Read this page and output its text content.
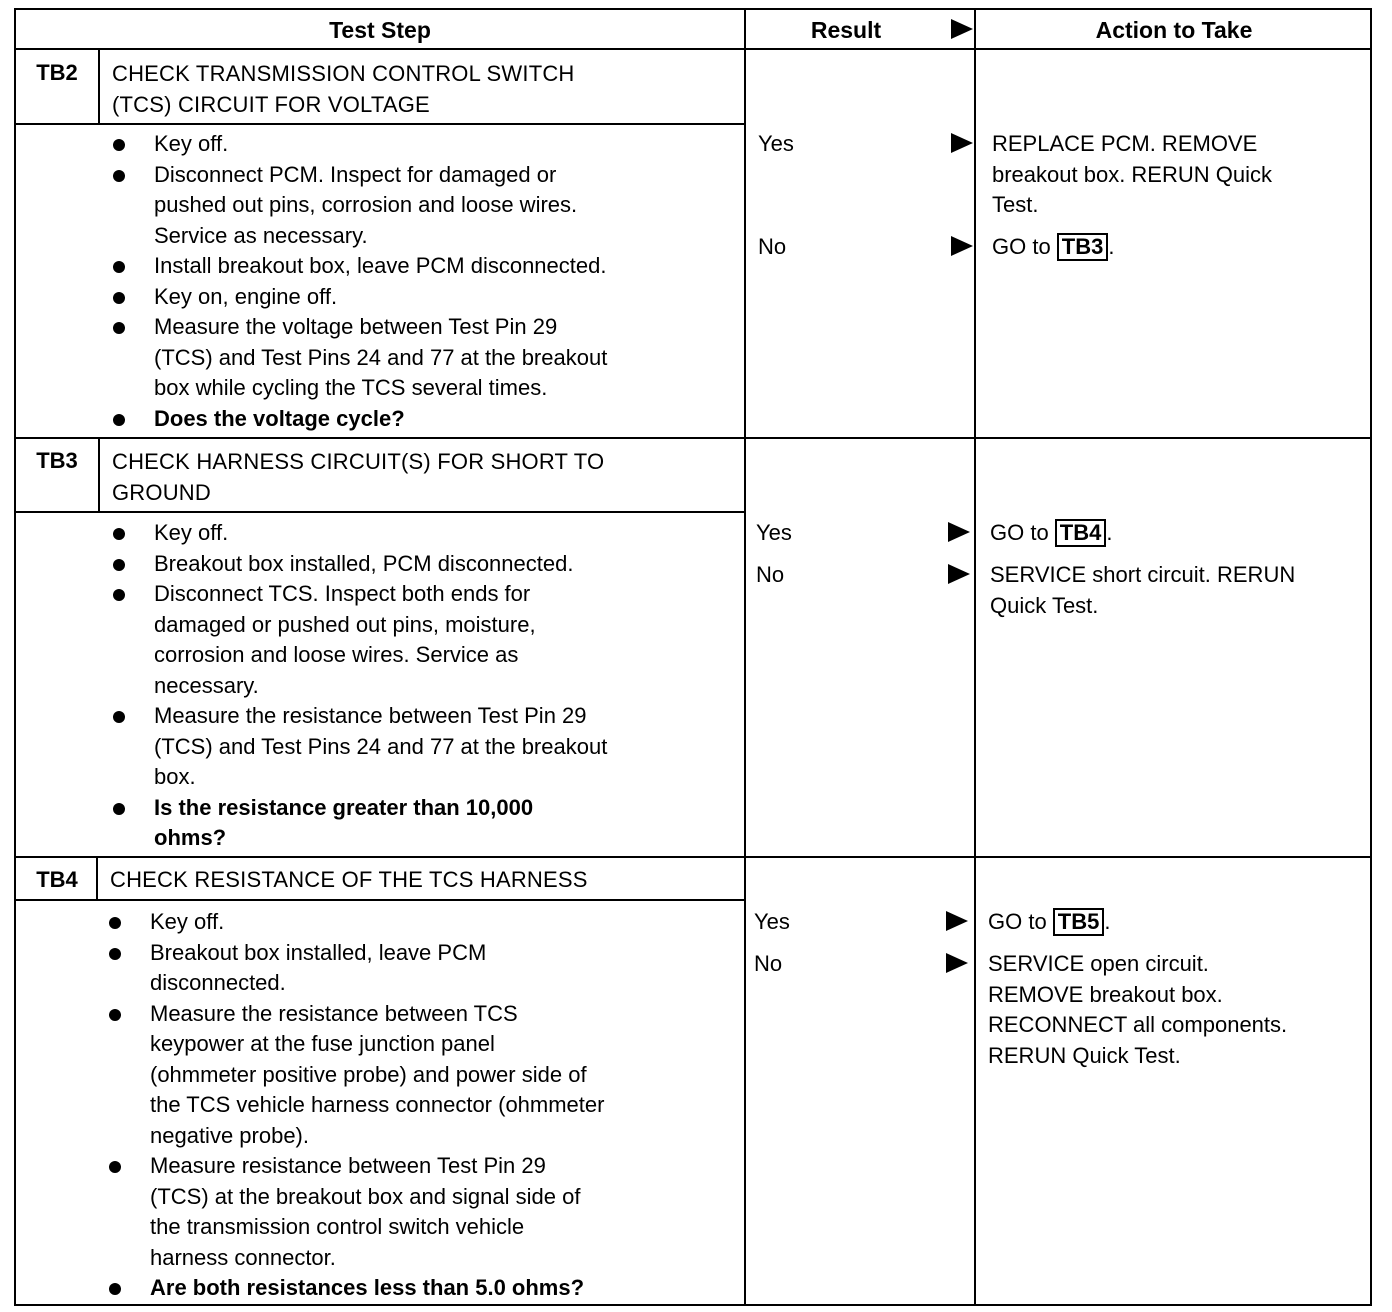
Test Step	Result	Action to Take
TB2	CHECK TRANSMISSION CONTROL SWITCH
(TCS) CIRCUIT FOR VOLTAGE
Key off.
Disconnect PCM. Inspect for damaged or
pushed out pins, corrosion and loose wires.
Service as necessary.
Install breakout box, leave PCM disconnected.
Key on, engine off.
Measure the voltage between Test Pin 29
(TCS) and Test Pins 24 and 77 at the breakout
box while cycling the TCS several times.
Does the voltage cycle?
Yes	REPLACE PCM. REMOVE
breakout box. RERUN Quick
Test.
No	GO to TB3 .
TB3	CHECK HARNESS CIRCUIT(S) FOR SHORT TO
GROUND
Key off.
Breakout box installed, PCM disconnected.
Disconnect TCS. Inspect both ends for
damaged or pushed out pins, moisture,
corrosion and loose wires. Service as
necessary.
Measure the resistance between Test Pin 29
(TCS) and Test Pins 24 and 77 at the breakout
box.
Is the resistance greater than 10,000
ohms?
Yes	GO to TB4 .
No	SERVICE short circuit. RERUN
Quick Test.
TB4	CHECK RESISTANCE OF THE TCS HARNESS
Key off.
Breakout box installed, leave PCM
disconnected.
Measure the resistance between TCS
keypower at the fuse junction panel
(ohmmeter positive probe) and power side of
the TCS vehicle harness connector (ohmmeter
negative probe).
Measure resistance between Test Pin 29
(TCS) at the breakout box and signal side of
the transmission control switch vehicle
harness connector.
Are both resistances less than 5.0 ohms?
Yes	GO to TB5 .
No	SERVICE open circuit.
REMOVE breakout box.
RECONNECT all components.
RERUN Quick Test.
